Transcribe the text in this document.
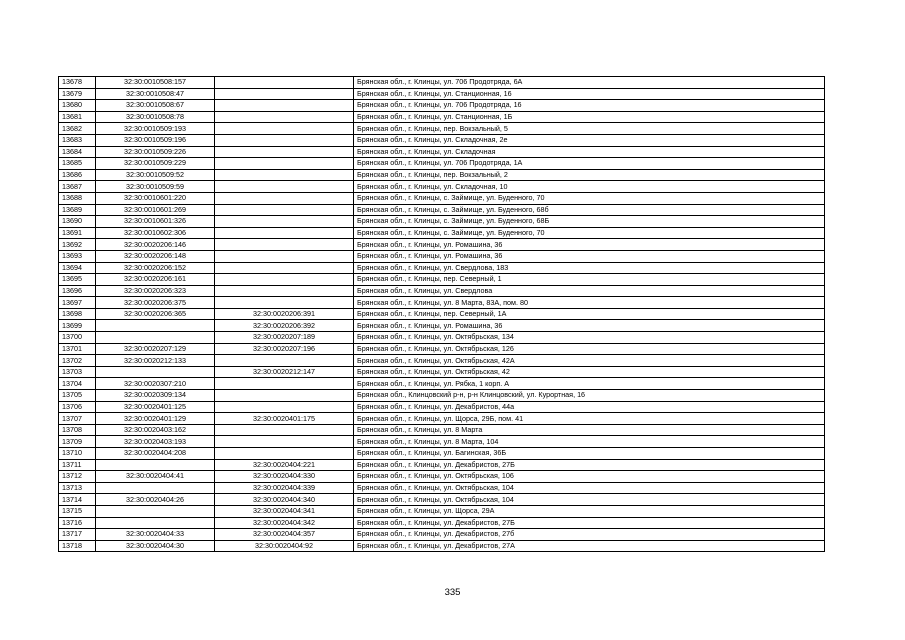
13678	32:30:0010508:157		Брянская обл., г. Клинцы, ул. 706 Продотряда, 6А
13679	32:30:0010508:47		Брянская обл., г. Клинцы, ул. Станционная, 16
13680	32:30:0010508:67		Брянская обл., г. Клинцы, ул. 706 Продотряда, 16
13681	32:30:0010508:78		Брянская обл., г. Клинцы, ул. Станционная, 1Б
13682	32:30:0010509:193		Брянская обл., г. Клинцы, пер. Вокзальный, 5
13683	32:30:0010509:196		Брянская обл., г. Клинцы, ул. Складочная, 2е
13684	32:30:0010509:226		Брянская обл., г. Клинцы, ул. Складочная
13685	32:30:0010509:229		Брянская обл., г. Клинцы, ул. 706 Продотряда, 1А
13686	32:30:0010509:52		Брянская обл., г. Клинцы, пер. Вокзальный, 2
13687	32:30:0010509:59		Брянская обл., г. Клинцы, ул. Складочная, 10
13688	32:30:0010601:220		Брянская обл., г. Клинцы, с. Займище, ул. Буденного, 70
13689	32:30:0010601:269		Брянская обл., г. Клинцы, с. Займище, ул. Буденного, 68б
13690	32:30:0010601:326		Брянская обл., г. Клинцы, с. Займище, ул. Буденного, 68Б
13691	32:30:0010602:306		Брянская обл., г. Клинцы, с. Займище, ул. Буденного, 70
13692	32:30:0020206:146		Брянская обл., г. Клинцы, ул. Ромашина, 36
13693	32:30:0020206:148		Брянская обл., г. Клинцы, ул. Ромашина, 36
13694	32:30:0020206:152		Брянская обл., г. Клинцы, ул. Свердлова, 183
13695	32:30:0020206:161		Брянская обл., г. Клинцы, пер. Северный, 1
13696	32:30:0020206:323		Брянская обл., г. Клинцы, ул. Свердлова
13697	32:30:0020206:375		Брянская обл., г. Клинцы, ул. 8 Марта, 83А, пом. 80
13698	32:30:0020206:365	32:30:0020206:391	Брянская обл., г. Клинцы, пер. Северный, 1А
13699		32:30:0020206:392	Брянская обл., г. Клинцы, ул. Ромашина, 36
13700		32:30:0020207:189	Брянская обл., г. Клинцы, ул. Октябрьская, 134
13701	32:30:0020207:129	32:30:0020207:196	Брянская обл., г. Клинцы, ул. Октябрьская, 126
13702	32:30:0020212:133		Брянская обл., г. Клинцы, ул. Октябрьская, 42А
13703		32:30:0020212:147	Брянская обл., г. Клинцы, ул. Октябрьская, 42
13704	32:30:0020307:210		Брянская обл., г. Клинцы, ул. Рябка, 1 корп. А
13705	32:30:0020309:134		Брянская обл., Клинцовский р-н, р-н Клинцовский, ул. Курортная, 16
13706	32:30:0020401:125		Брянская обл., г. Клинцы, ул. Декабристов, 44а
13707	32:30:0020401:129	32:30:0020401:175	Брянская обл., г. Клинцы, ул. Щорса, 29Б, пом. 41
13708	32:30:0020403:162		Брянская обл., г. Клинцы, ул. 8 Марта
13709	32:30:0020403:193		Брянская обл., г. Клинцы, ул. 8 Марта, 104
13710	32:30:0020404:208		Брянская обл., г. Клинцы, ул. Багинская, 36Б
13711		32:30:0020404:221	Брянская обл., г. Клинцы, ул. Декабристов, 27Б
13712	32:30:0020404:41	32:30:0020404:330	Брянская обл., г. Клинцы, ул. Октябрьская, 106
13713		32:30:0020404:339	Брянская обл., г. Клинцы, ул. Октябрьская, 104
13714	32:30:0020404:26	32:30:0020404:340	Брянская обл., г. Клинцы, ул. Октябрьская, 104
13715		32:30:0020404:341	Брянская обл., г. Клинцы, ул. Щорса, 29А
13716		32:30:0020404:342	Брянская обл., г. Клинцы, ул. Декабристов, 27Б
13717	32:30:0020404:33	32:30:0020404:357	Брянская обл., г. Клинцы, ул. Декабристов, 27б
13718	32:30:0020404:30	32:30:0020404:92	Брянская обл., г. Клинцы, ул. Декабристов, 27А
335
